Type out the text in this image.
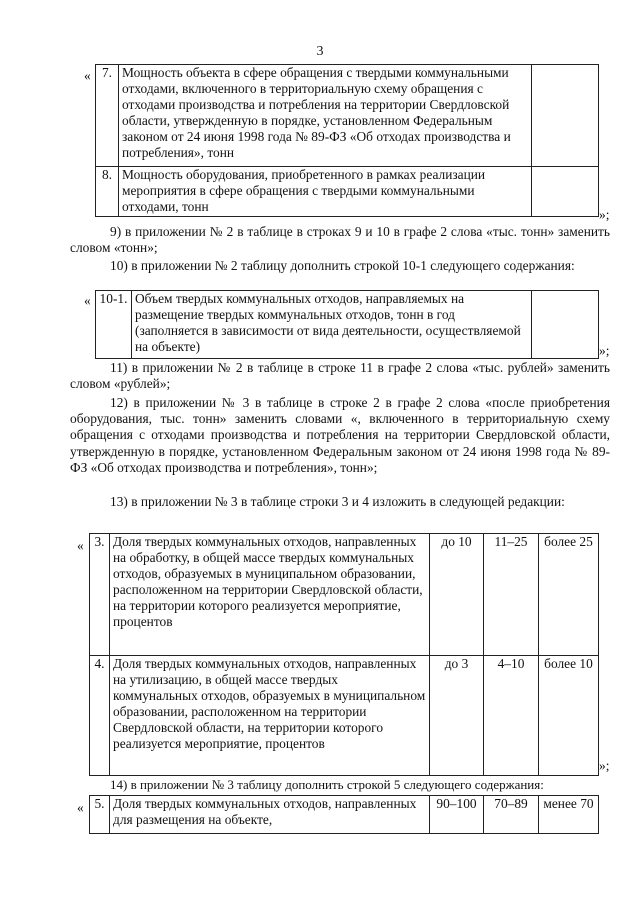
3
« 7.	Мощность объекта в сфере обращения с твердыми коммунальными отходами, включенного в территориальную схему обращения с отходами производства и потребления на территории Свердловской области, утвержденную в порядке, установленном Федеральным законом от 24 июня 1998 года № 89-ФЗ «Об отходах производства и потребления», тонн	
8.	Мощность оборудования, приобретенного в рамках реализации мероприятия в сфере обращения с твердыми коммунальными отходами, тонн	
»;
9) в приложении № 2 в таблице в строках 9 и 10 в графе 2 слова «тыс. тонн» заменить словом «тонн»;
10) в приложении № 2 таблицу дополнить строкой 10-1 следующего содержания:
« 10-1.	Объем твердых коммунальных отходов, направляемых на размещение твердых коммунальных отходов, тонн в год (заполняется в зависимости от вида деятельности, осуществляемой на объекте)		»;
11) в приложении № 2 в таблице в строке 11 в графе 2 слова «тыс. рублей» заменить словом «рублей»;
12) в приложении № 3 в таблице в строке 2 в графе 2 слова «после приобретения оборудования, тыс. тонн» заменить словами «, включенного в территориальную схему обращения с отходами производства и потребления на территории Свердловской области, утвержденную в порядке, установленном Федеральным законом от 24 июня 1998 года № 89-ФЗ «Об отходах производства и потребления», тонн»;
13) в приложении № 3 в таблице строки 3 и 4 изложить в следующей редакции:
« 3.	Доля твердых коммунальных отходов, направленных на обработку, в общей массе твердых коммунальных отходов, образуемых в муниципальном образовании, расположенном на территории Свердловской области, на территории которого реализуется мероприятие, процентов	до 10	11–25	более 25
4.	Доля твердых коммунальных отходов, направленных на утилизацию, в общей массе твердых коммунальных отходов, образуемых в муниципальном образовании, расположенном на территории Свердловской области, на территории которого реализуется мероприятие, процентов	до 3	4–10	более 10
»;
14) в приложении № 3 таблицу дополнить строкой 5 следующего содержания:
« 5.	Доля твердых коммунальных отходов, направленных для размещения на объекте,	90–100	70–89	менее 70
